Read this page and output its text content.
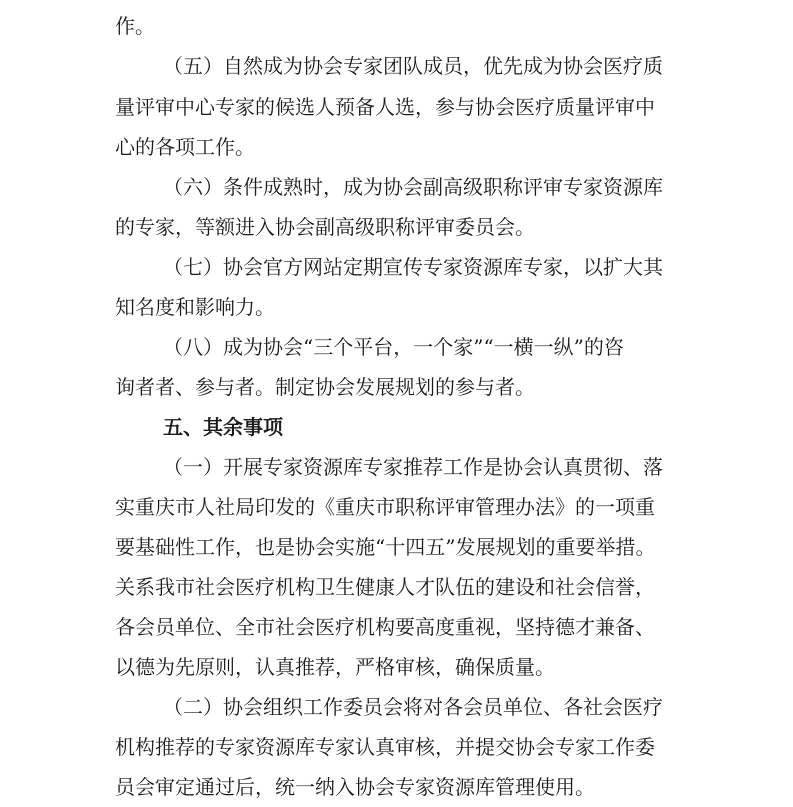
作。
（五）自然成为协会专家团队成员，优先成为协会医疗质
量评审中心专家的候选人预备人选，参与协会医疗质量评审中
心的各项工作。
（六）条件成熟时，成为协会副高级职称评审专家资源库
的专家，等额进入协会副高级职称评审委员会。
（七）协会官方网站定期宣传专家资源库专家，以扩大其
知名度和影响力。
（八）成为协会“三个平台，一个家”“一横一纵”的咨
询者者、参与者。制定协会发展规划的参与者。
五、其余事项
（一）开展专家资源库专家推荐工作是协会认真贯彻、落
实重庆市人社局印发的《重庆市职称评审管理办法》的一项重
要基础性工作，也是协会实施“十四五”发展规划的重要举措。
关系我市社会医疗机构卫生健康人才队伍的建设和社会信誉，
各会员单位、全市社会医疗机构要高度重视，坚持德才兼备、
以德为先原则，认真推荐，严格审核，确保质量。
（二）协会组织工作委员会将对各会员单位、各社会医疗
机构推荐的专家资源库专家认真审核，并提交协会专家工作委
员会审定通过后，统一纳入协会专家资源库管理使用。
